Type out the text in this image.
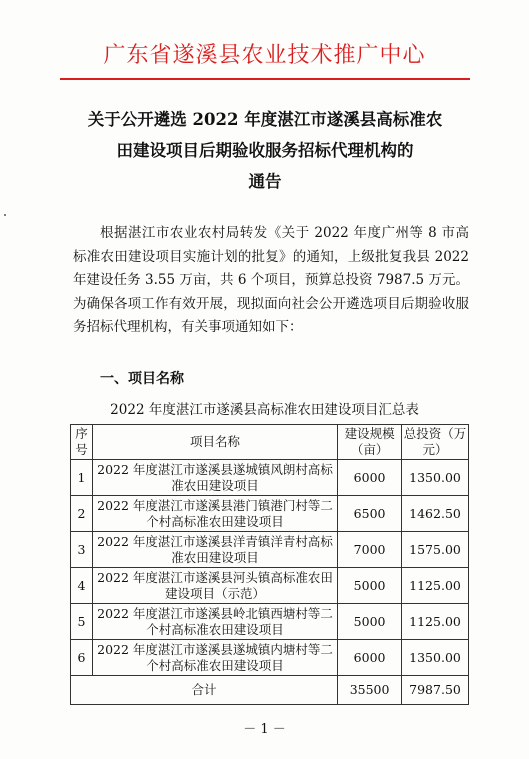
广东省遂溪县农业技术推广中心
关于公开遴选 2022 年度湛江市遂溪县高标准农
田建设项目后期验收服务招标代理机构的
通告

根据湛江市农业农村局转发《关于 2022 年度广州等 8 市高标准农田建设项目实施计划的批复》的通知，上级批复我县 2022 年建设任务 3.55 万亩，共 6 个项目，预算总投资 7987.5 万元。为确保各项工作有效开展，现拟面向社会公开遴选项目后期验收服务招标代理机构，有关事项通知如下：

一、项目名称
2022 年度湛江市遂溪县高标准农田建设项目汇总表
序号	项目名称	建设规模（亩）	总投资（万元）
1	2022 年度湛江市遂溪县遂城镇风朗村高标准农田建设项目	6000	1350.00
2	2022 年度湛江市遂溪县港门镇港门村等二个村高标准农田建设项目	6500	1462.50
3	2022 年度湛江市遂溪县洋青镇洋青村高标准农田建设项目	7000	1575.00
4	2022 年度湛江市遂溪县河头镇高标准农田建设项目（示范）	5000	1125.00
5	2022 年度湛江市遂溪县岭北镇西塘村等二个村高标准农田建设项目	5000	1125.00
6	2022 年度湛江市遂溪县遂城镇内塘村等二个村高标准农田建设项目	6000	1350.00
合计		35500	7987.50
－ 1 －
